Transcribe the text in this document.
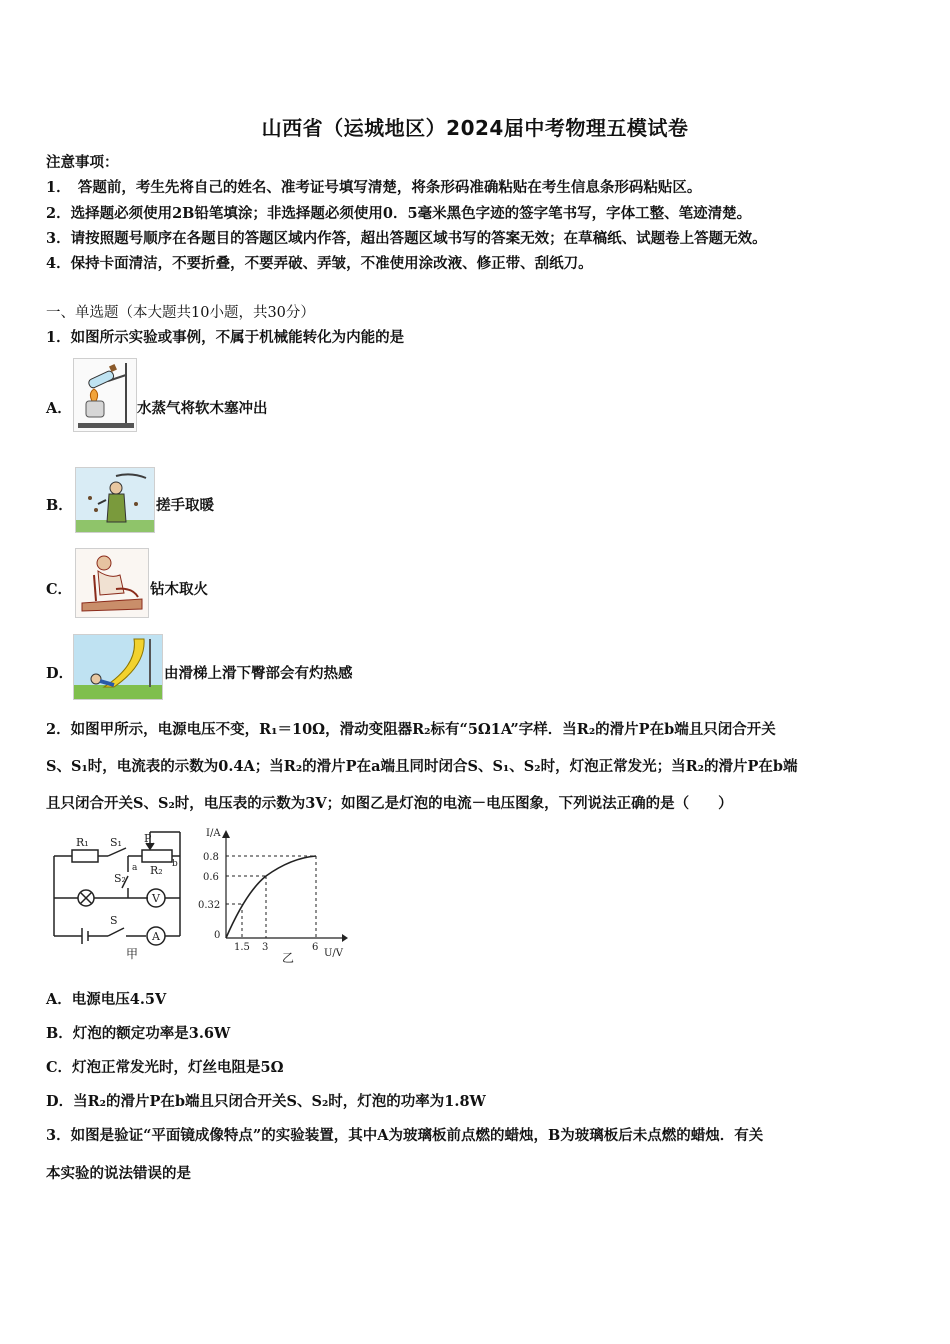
山西省（运城地区）2024届中考物理五模试卷
注意事项：
1．　答题前，考生先将自己的姓名、准考证号填写清楚，将条形码准确粘贴在考生信息条形码粘贴区。
2．选择题必须使用2B铅笔填涂；非选择题必须使用0．5毫米黑色字迹的签字笔书写，字体工整、笔迹清楚。
3．请按照题号顺序在各题目的答题区域内作答，超出答题区域书写的答案无效；在草稿纸、试题卷上答题无效。
4．保持卡面清洁，不要折叠，不要弄破、弄皱，不准使用涂改液、修正带、刮纸刀。
一、单选题（本大题共10小题，共30分）
1．如图所示实验或事例，不属于机械能转化为内能的是
A．	水蒸气将软木塞冲出
B．	搓手取暖
C．	钻木取火
D．	由滑梯上滑下臀部会有灼热感
2．如图甲所示，电源电压不变，R₁＝10Ω，滑动变阻器R₂标有“5Ω1A”字样．当R₂的滑片P在b端且只闭合开关
S、S₁时，电流表的示数为0.4A；当R₂的滑片P在a端且同时闭合S、S₁、S₂时，灯泡正常发光；当R₂的滑片P在b端
且只闭合开关S、S₂时，电压表的示数为3V；如图乙是灯泡的电流－电压图象，下列说法正确的是（　　）
R₁ S₁ P
a	b
S₂
R₂
S
V
A
甲
I/A
0.8
0.6
0.32
0
1.5 3	6
U/V
乙
A．电源电压4.5V
B．灯泡的额定功率是3.6W
C．灯泡正常发光时，灯丝电阻是5Ω
D．当R₂的滑片P在b端且只闭合开关S、S₂时，灯泡的功率为1.8W
3．如图是验证“平面镜成像特点”的实验装置，其中A为玻璃板前点燃的蜡烛，B为玻璃板后未点燃的蜡烛．有关
本实验的说法错误的是
